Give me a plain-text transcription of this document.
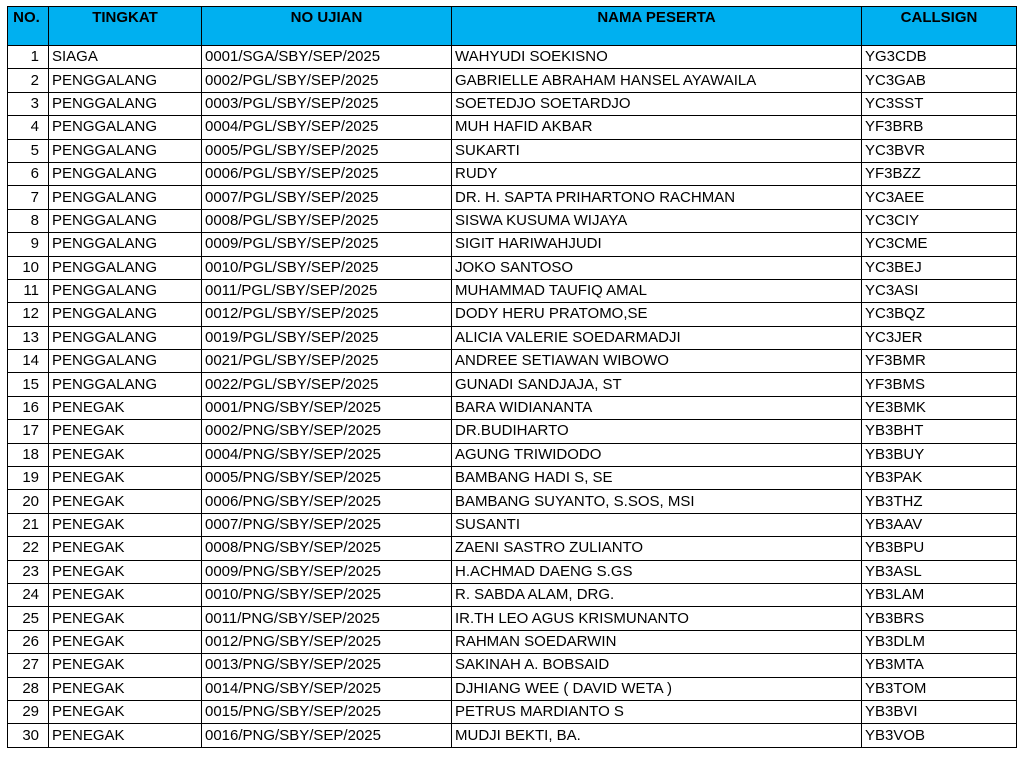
NO.	TINGKAT	NO UJIAN	NAMA PESERTA	CALLSIGN
1	SIAGA	0001/SGA/SBY/SEP/2025	WAHYUDI SOEKISNO	YG3CDB
2	PENGGALANG	0002/PGL/SBY/SEP/2025	GABRIELLE ABRAHAM HANSEL AYAWAILA	YC3GAB
3	PENGGALANG	0003/PGL/SBY/SEP/2025	SOETEDJO SOETARDJO	YC3SST
4	PENGGALANG	0004/PGL/SBY/SEP/2025	MUH HAFID AKBAR	YF3BRB
5	PENGGALANG	0005/PGL/SBY/SEP/2025	SUKARTI	YC3BVR
6	PENGGALANG	0006/PGL/SBY/SEP/2025	RUDY	YF3BZZ
7	PENGGALANG	0007/PGL/SBY/SEP/2025	DR. H. SAPTA PRIHARTONO RACHMAN	YC3AEE
8	PENGGALANG	0008/PGL/SBY/SEP/2025	SISWA KUSUMA WIJAYA	YC3CIY
9	PENGGALANG	0009/PGL/SBY/SEP/2025	SIGIT HARIWAHJUDI	YC3CME
10	PENGGALANG	0010/PGL/SBY/SEP/2025	JOKO SANTOSO	YC3BEJ
11	PENGGALANG	0011/PGL/SBY/SEP/2025	MUHAMMAD TAUFIQ AMAL	YC3ASI
12	PENGGALANG	0012/PGL/SBY/SEP/2025	DODY HERU PRATOMO,SE	YC3BQZ
13	PENGGALANG	0019/PGL/SBY/SEP/2025	ALICIA VALERIE SOEDARMADJI	YC3JER
14	PENGGALANG	0021/PGL/SBY/SEP/2025	ANDREE SETIAWAN WIBOWO	YF3BMR
15	PENGGALANG	0022/PGL/SBY/SEP/2025	GUNADI SANDJAJA, ST	YF3BMS
16	PENEGAK	0001/PNG/SBY/SEP/2025	BARA WIDIANANTA	YE3BMK
17	PENEGAK	0002/PNG/SBY/SEP/2025	DR.BUDIHARTO	YB3BHT
18	PENEGAK	0004/PNG/SBY/SEP/2025	AGUNG TRIWIDODO	YB3BUY
19	PENEGAK	0005/PNG/SBY/SEP/2025	BAMBANG HADI S, SE	YB3PAK
20	PENEGAK	0006/PNG/SBY/SEP/2025	BAMBANG SUYANTO, S.SOS, MSI	YB3THZ
21	PENEGAK	0007/PNG/SBY/SEP/2025	SUSANTI	YB3AAV
22	PENEGAK	0008/PNG/SBY/SEP/2025	ZAENI SASTRO ZULIANTO	YB3BPU
23	PENEGAK	0009/PNG/SBY/SEP/2025	H.ACHMAD DAENG S.GS	YB3ASL
24	PENEGAK	0010/PNG/SBY/SEP/2025	R. SABDA ALAM, DRG.	YB3LAM
25	PENEGAK	0011/PNG/SBY/SEP/2025	IR.TH LEO AGUS KRISMUNANTO	YB3BRS
26	PENEGAK	0012/PNG/SBY/SEP/2025	RAHMAN SOEDARWIN	YB3DLM
27	PENEGAK	0013/PNG/SBY/SEP/2025	SAKINAH A. BOBSAID	YB3MTA
28	PENEGAK	0014/PNG/SBY/SEP/2025	DJHIANG WEE ( DAVID WETA )	YB3TOM
29	PENEGAK	0015/PNG/SBY/SEP/2025	PETRUS MARDIANTO S	YB3BVI
30	PENEGAK	0016/PNG/SBY/SEP/2025	MUDJI BEKTI, BA.	YB3VOB
